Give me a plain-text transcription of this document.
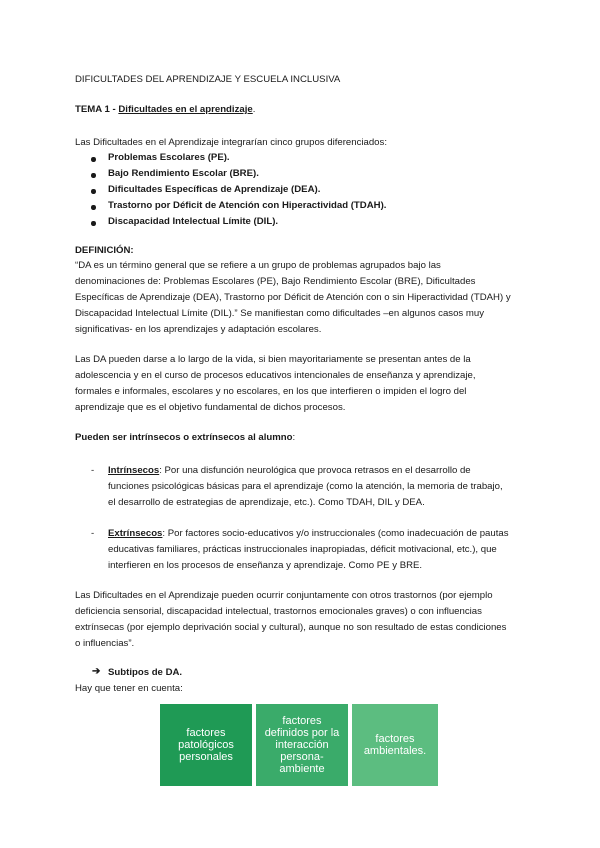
DIFICULTADES DEL APRENDIZAJE Y ESCUELA INCLUSIVA
TEMA 1 - Dificultades en el aprendizaje.
Las Dificultades en el Aprendizaje integrarían cinco grupos diferenciados:
Problemas Escolares (PE).
Bajo Rendimiento Escolar (BRE).
Dificultades Específicas de Aprendizaje (DEA).
Trastorno por Déficit de Atención con Hiperactividad (TDAH).
Discapacidad Intelectual Límite (DIL).
DEFINICIÓN:
“DA es un término general que se refiere a un grupo de problemas agrupados bajo las
denominaciones de: Problemas Escolares (PE), Bajo Rendimiento Escolar (BRE), Dificultades
Específicas de Aprendizaje (DEA), Trastorno por Déficit de Atención con o sin Hiperactividad (TDAH) y
Discapacidad Intelectual Límite (DIL).” Se manifiestan como dificultades –en algunos casos muy
significativas- en los aprendizajes y adaptación escolares.
Las DA pueden darse a lo largo de la vida, si bien mayoritariamente se presentan antes de la
adolescencia y en el curso de procesos educativos intencionales de enseñanza y aprendizaje,
formales e informales, escolares y no escolares, en los que interfieren o impiden el logro del
aprendizaje que es el objetivo fundamental de dichos procesos.
Pueden ser intrínsecos o extrínsecos al alumno:
- Intrínsecos: Por una disfunción neurológica que provoca retrasos en el desarrollo de
funciones psicológicas básicas para el aprendizaje (como la atención, la memoria de trabajo,
el desarrollo de estrategias de aprendizaje, etc.). Como TDAH, DIL y DEA.
- Extrínsecos: Por factores socio-educativos y/o instruccionales (como inadecuación de pautas
educativas familiares, prácticas instruccionales inapropiadas, déficit motivacional, etc.), que
interfieren en los procesos de enseñanza y aprendizaje. Como PE y BRE.
Las Dificultades en el Aprendizaje pueden ocurrir conjuntamente con otros trastornos (por ejemplo
deficiencia sensorial, discapacidad intelectual, trastornos emocionales graves) o con influencias
extrínsecas (por ejemplo deprivación social y cultural), aunque no son resultado de estas condiciones
o influencias”.
➔ Subtipos de DA.
Hay que tener en cuenta:
factores patológicos personales
factores definidos por la interacción persona-ambiente
factores ambientales.
